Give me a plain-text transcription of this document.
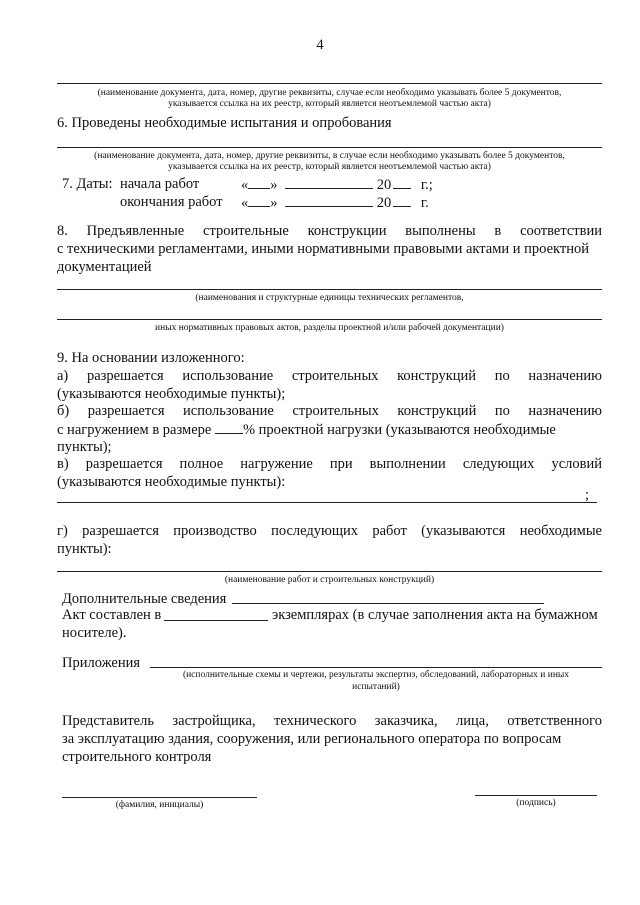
4
(наименование документа, дата, номер, другие реквизиты, случае если необходимо указывать более 5 документов,
указывается ссылка на их реестр, который является неотъемлемой частью акта)
6. Проведены необходимые испытания и опробования
(наименование документа, дата, номер, другие реквизиты, в случае если необходимо указывать более 5 документов,
указывается ссылка на их реестр, который является неотъемлемой частью акта)
7. Даты: начала работ	« »	20 г.;
окончания работ « »	20 г.
8. Предъявленные строительные конструкции выполнены в соответствии
с техническими регламентами, иными нормативными правовыми актами и проектной
документацией
(наименования и структурные единицы технических регламентов,
иных нормативных правовых актов, разделы проектной и/или рабочей документации)
9. На основании изложенного:
а) разрешается использование строительных конструкций по назначению
(указываются необходимые пункты);
б) разрешается использование строительных конструкций по назначению
с нагружением в размере % проектной нагрузки (указываются необходимые
пункты);
в) разрешается полное нагружение при выполнении следующих условий
(указываются необходимые пункты):
;
г) разрешается производство последующих работ (указываются необходимые
пункты):
(наименование работ и строительных конструкций)
Дополнительные сведения
Акт составлен в	экземплярах (в случае заполнения акта на бумажном
носителе).
Приложения
(исполнительные схемы и чертежи, результаты экспертиз, обследований, лабораторных и иных
испытаний)
Представитель застройщика, технического заказчика, лица, ответственного
за эксплуатацию здания, сооружения, или регионального оператора по вопросам
строительного контроля
(фамилия, инициалы)	(подпись)
